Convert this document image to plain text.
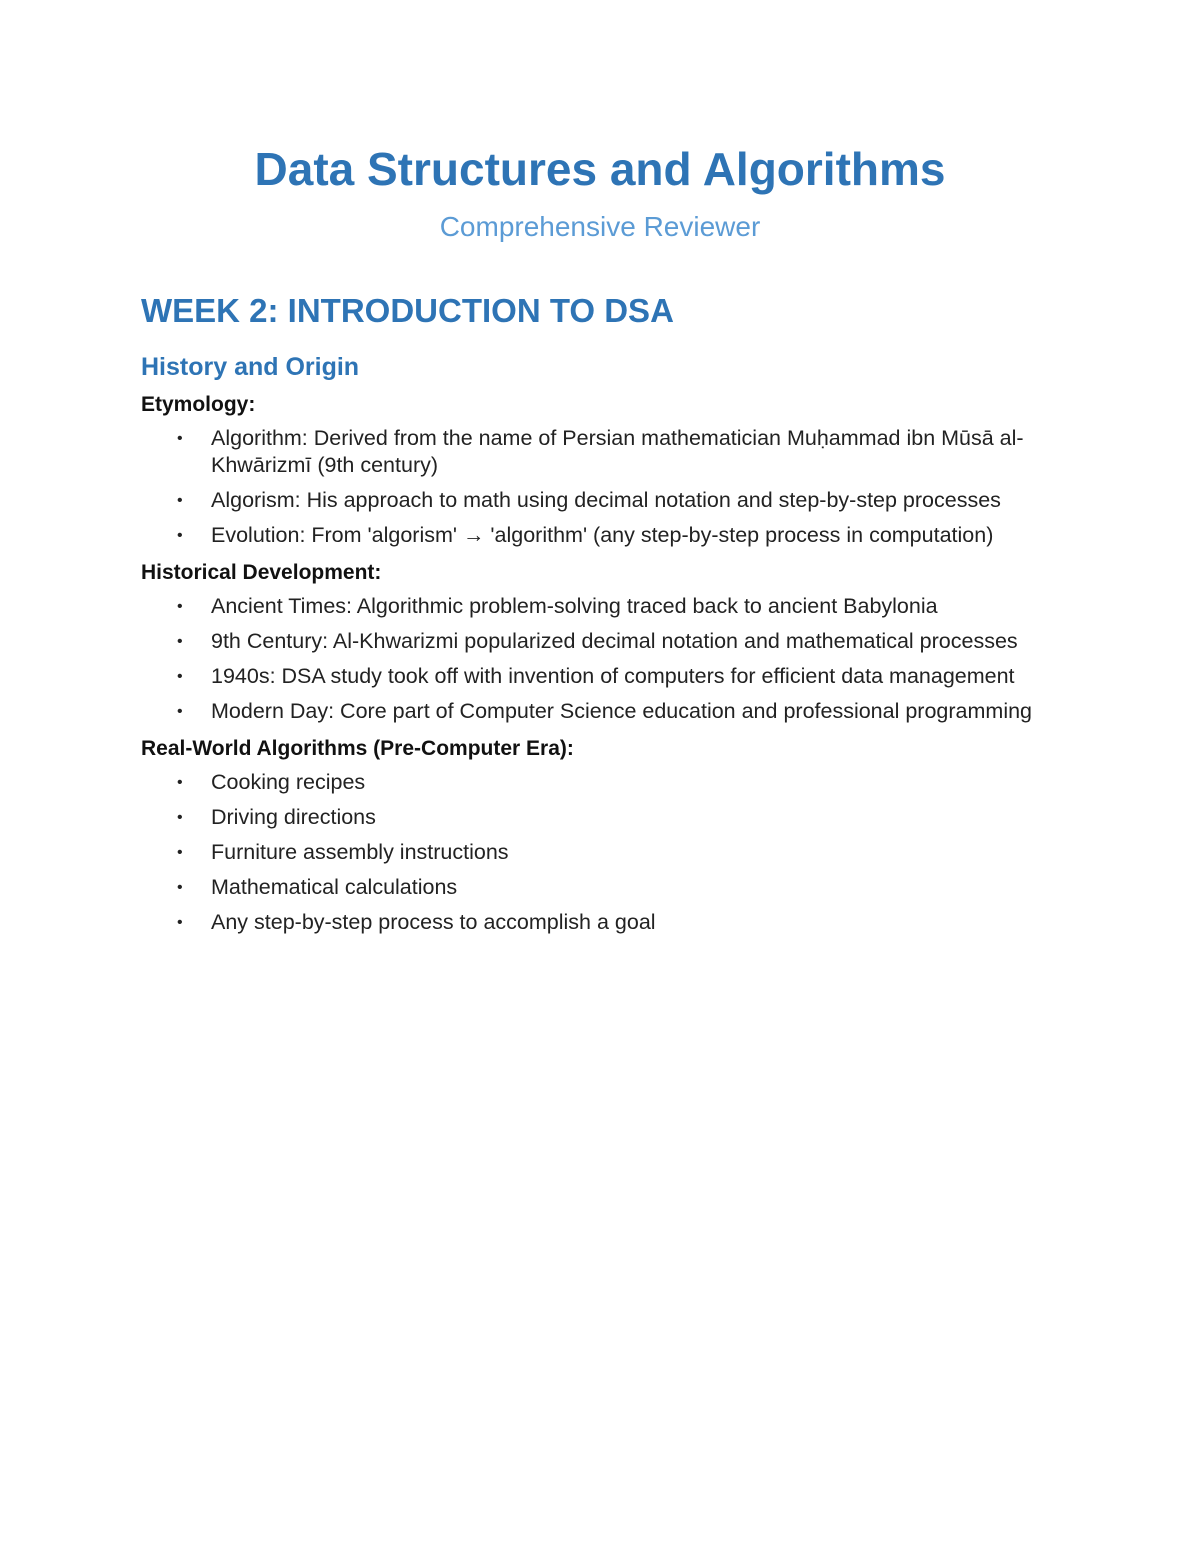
Data Structures and Algorithms
Comprehensive Reviewer
WEEK 2: INTRODUCTION TO DSA
History and Origin
Etymology:
• Algorithm: Derived from the name of Persian mathematician Muḥammad ibn Mūsā al-Khwārizmī (9th century)
• Algorism: His approach to math using decimal notation and step-by-step processes
• Evolution: From 'algorism' → 'algorithm' (any step-by-step process in computation)
Historical Development:
• Ancient Times: Algorithmic problem-solving traced back to ancient Babylonia
• 9th Century: Al-Khwarizmi popularized decimal notation and mathematical processes
• 1940s: DSA study took off with invention of computers for efficient data management
• Modern Day: Core part of Computer Science education and professional programming
Real-World Algorithms (Pre-Computer Era):
• Cooking recipes
• Driving directions
• Furniture assembly instructions
• Mathematical calculations
• Any step-by-step process to accomplish a goal
